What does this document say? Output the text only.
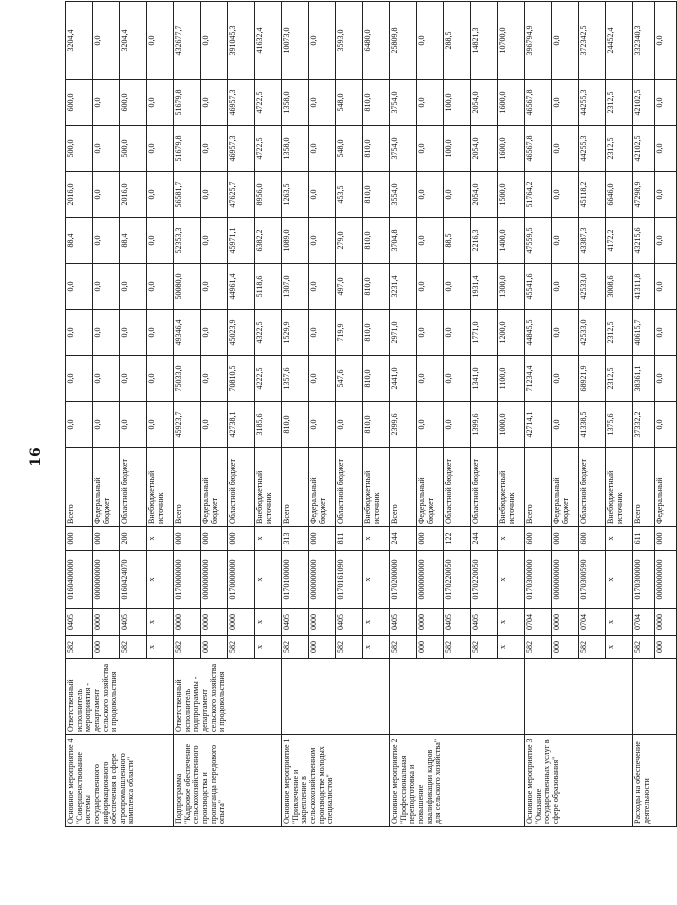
16
Основное мероприятие 4 "Совершенствование системы государственного информационного обеспечения в сфере агропромышленного комплекса области"	Ответственный исполнитель мероприятия - департамент сельского хозяйства и продовольствия	582	0405	0160400000	000	Всего	0,0	0,0	0,0	0,0	88,4	2016,0	500,0	600,0	3204,4
		000	0000	0000000000	000	Федеральный бюджет	0,0	0,0	0,0	0,0	0,0	0,0	0,0	0,0	0,0
		582	0405	0160424070	200	Областной бюджет	0,0	0,0	0,0	0,0	88,4	2016,0	500,0	600,0	3204,4
		x	x	x	x	Внебюджетный источник	0,0	0,0	0,0	0,0	0,0	0,0	0,0	0,0	0,0
Подпрограмма "Кадровое обеспечение сельскохозяйственного производства и пропаганда передового опыта"	Ответственный исполнитель подпрограммы - департамент сельского хозяйства и продовольствия	582	0000	0170000000	000	Всего	45923,7	75033,0	49346,4	50080,0	52353,3	56581,7	51679,8	51679,8	432677,7
		000	0000	0000000000	000	Федеральный бюджет	0,0	0,0	0,0	0,0	0,0	0,0	0,0	0,0	0,0
		582	0000	0170000000	000	Областной бюджет	42738,1	70810,5	45023,9	44961,4	45971,1	47625,7	46957,3	46957,3	391045,3
		x	x	x	x	Внебюджетный источник	3185,6	4222,5	4322,5	5118,6	6382,2	8956,0	4722,5	4722,5	41632,4
Основное мероприятие 1 "Привлечение и закрепление в сельскохозяйственном производстве молодых специалистов"		582	0405	0170100000	313	Всего	810,0	1357,6	1529,9	1307,0	1089,0	1263,5	1358,0	1358,0	10073,0
		000	0000	0000000000	000	Федеральный бюджет	0,0	0,0	0,0	0,0	0,0	0,0	0,0	0,0	0,0
		582	0405	0170161090	811	Областной бюджет	0,0	547,6	719,9	497,0	279,0	453,5	548,0	548,0	3593,0
		x	x	x	x	Внебюджетный источник	810,0	810,0	810,0	810,0	810,0	810,0	810,0	810,0	6480,0
Основное мероприятие 2 "Профессиональная переподготовка и повышение квалификации кадров для сельского хозяйства"		582	0405	0170200000	244	Всего	2399,6	2441,0	2971,0	3231,4	3704,8	3554,0	3754,0	3754,0	25809,8
		000	0000	0000000000	000	Федеральный бюджет	0,0	0,0	0,0	0,0	0,0	0,0	0,0	0,0	0,0
		582	0405	0170220050	122	Областной бюджет	0,0	0,0	0,0	0,0	88,5	0,0	100,0	100,0	288,5
		582	0405	0170220050	244	Областной бюджет	1399,6	1341,0	1771,0	1931,4	2216,3	2054,0	2054,0	2054,0	14821,3
		x	x	x	x	Внебюджетный источник	1000,0	1100,0	1200,0	1300,0	1400,0	1500,0	1600,0	1600,0	10700,0
Основное мероприятие 3 "Оказание государственных услуг в сфере образования"		582	0704	0170300000	600	Всего	42714,1	71234,4	44845,5	45541,6	47559,5	51764,2	46567,8	46567,8	396794,9
		000	0000	0000000000	000	Федеральный бюджет	0,0	0,0	0,0	0,0	0,0	0,0	0,0	0,0	0,0
		582	0704	0170300590	600	Областной бюджет	41338,5	68921,9	42533,0	42533,0	43387,3	45118,2	44255,3	44255,3	372342,5
		x	x	x	x	Внебюджетный источник	1375,6	2312,5	2312,5	3008,6	4172,2	6646,0	2312,5	2312,5	24452,4
Расходы на обеспечение деятельности		582	0704	0170300000	611	Всего	37332,2	38361,1	40615,7	41311,8	43215,6	47298,9	42102,5	42102,5	332340,3
		000	0000	0000000000	000	Федеральный	0,0	0,0	0,0	0,0	0,0	0,0	0,0	0,0	0,0
